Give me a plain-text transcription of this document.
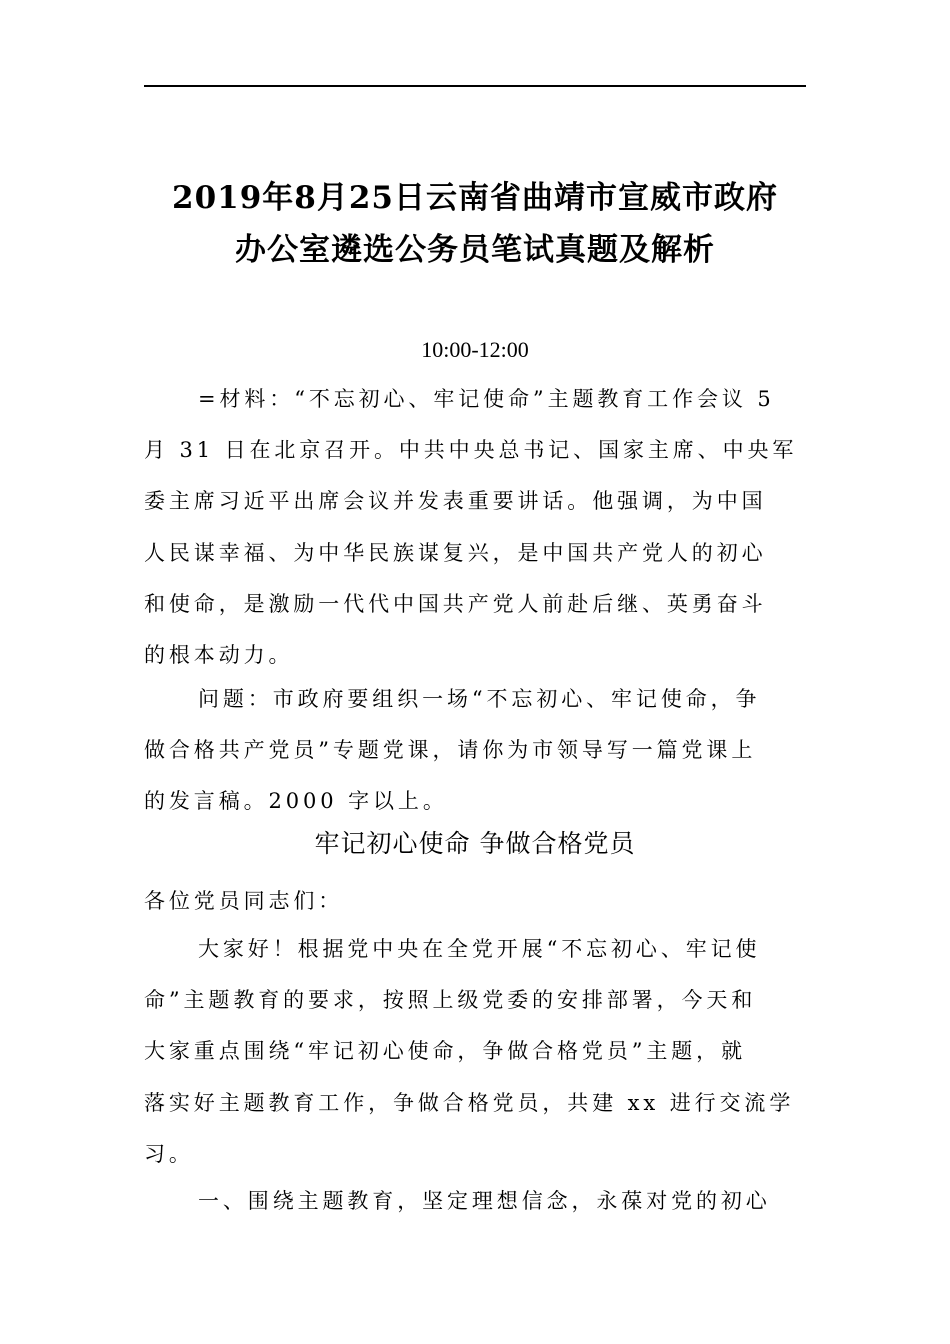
2019年8月25日云南省曲靖市宣威市政府
办公室遴选公务员笔试真题及解析
10:00-12:00
=材料：“不忘初心、牢记使命”主题教育工作会议 5
月 31 日在北京召开。中共中央总书记、国家主席、中央军
委主席习近平出席会议并发表重要讲话。他强调，为中国
人民谋幸福、为中华民族谋复兴，是中国共产党人的初心
和使命，是激励一代代中国共产党人前赴后继、英勇奋斗
的根本动力。
问题：市政府要组织一场“不忘初心、牢记使命，争
做合格共产党员”专题党课，请你为市领导写一篇党课上
的发言稿。2000 字以上。
牢记初心使命 争做合格党员
各位党员同志们：
大家好！根据党中央在全党开展“不忘初心、牢记使
命”主题教育的要求，按照上级党委的安排部署，今天和
大家重点围绕“牢记初心使命，争做合格党员”主题，就
落实好主题教育工作，争做合格党员，共建 xx 进行交流学
习。
一、围绕主题教育，坚定理想信念，永葆对党的初心
